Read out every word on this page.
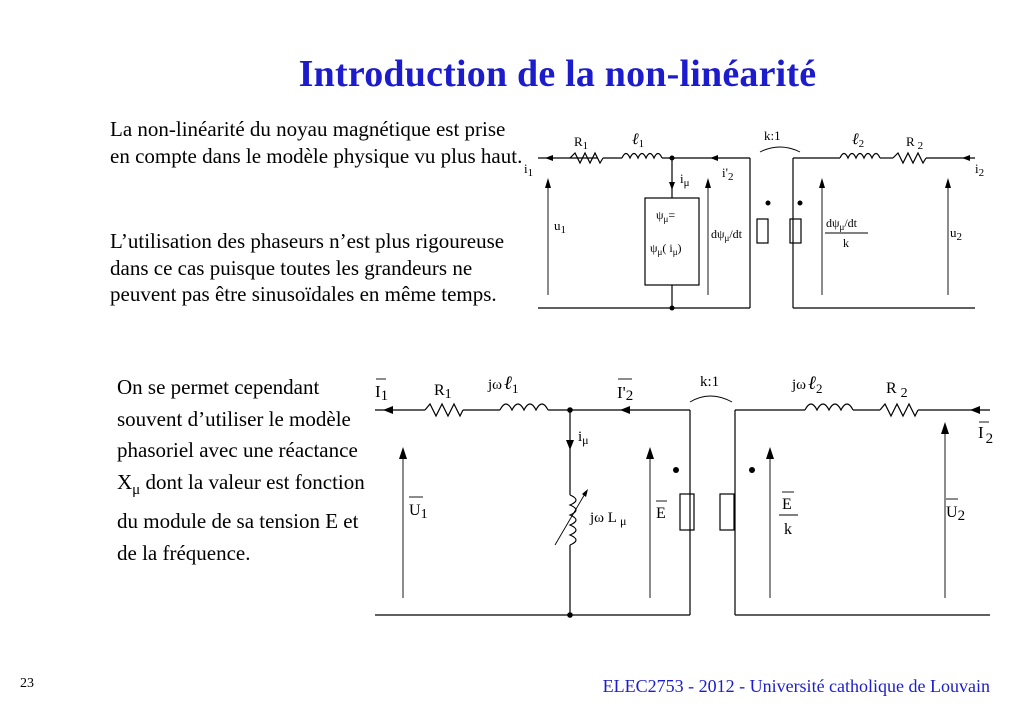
Introduction de la non-linéarité

La non-linéarité du noyau magnétique est prise en compte dans le modèle physique vu plus haut.

L’utilisation des phaseurs n’est plus rigoureuse dans ce cas puisque toutes les grandeurs ne peuvent pas être sinusoïdales en même temps.

On se permet cependant souvent d’utiliser le modèle phasoriel avec une réactance $X_\mu$ dont la valeur est fonction du module de sa tension E et de la fréquence.

23	ELEC2753 - 2012 - Université catholique de Louvain
$R_1$	ℓ1
k:1	ℓ2	R $_2$
$i_1$	$i_2$
$i_\mu$
$i'_2$
$u_1$	$u_2$
$\psi_\mu=$
$\psi_\mu$( $i_\mu$)
$d\psi_\mu/dt$
$d\psi_\mu/dt$
k
I1	R1
jω ℓ1	I'2
k:1	jω ℓ2	R 2
I 2
$i_\mu$
U1	jω L $_\mu$ E
E
k
U2
